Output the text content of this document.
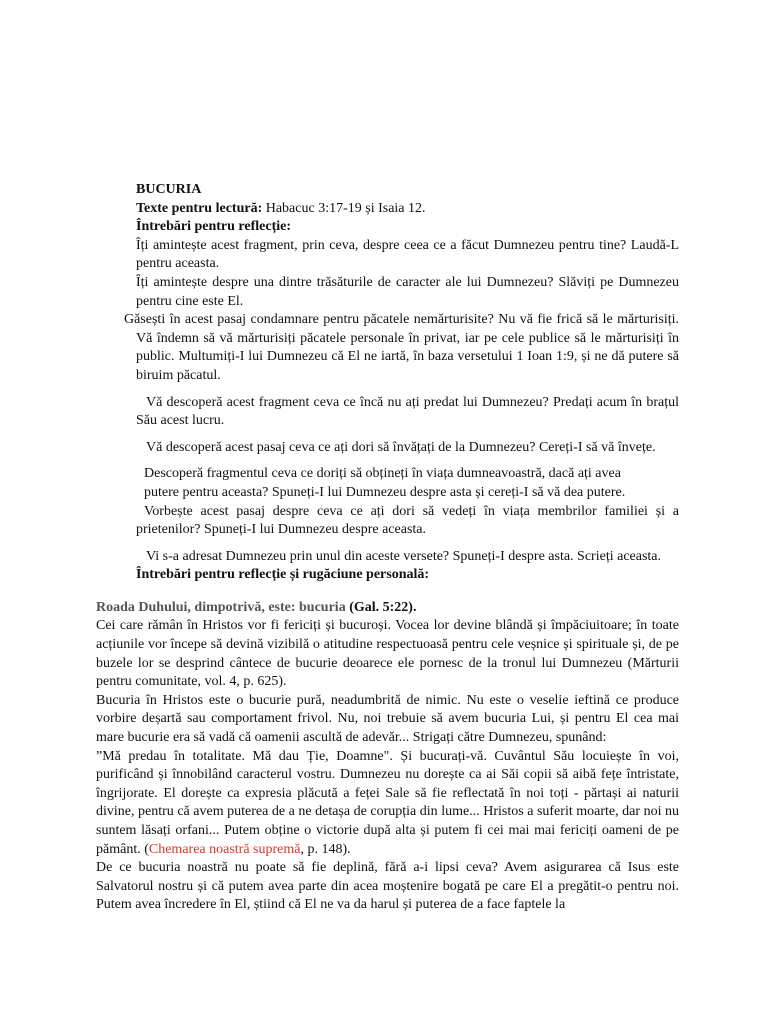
BUCURIA

Texte pentru lectură: Habacuc 3:17-19 și Isaia 12.

Întrebări pentru reflecție:

Îți amintește acest fragment, prin ceva, despre ceea ce a făcut Dumnezeu pentru tine? Laudă-L pentru aceasta.

Îți amintește despre una dintre trăsăturile de caracter ale lui Dumnezeu? Slăviți pe Dumnezeu pentru cine este El.

Găsești în acest pasaj condamnare pentru păcatele nemărturisite? Nu vă fie frică să le mărturisiți. Vă îndemn să vă mărturisiți păcatele personale în privat, iar pe cele publice să le mărturisiți în public. Multumiți-I lui Dumnezeu că El ne iartă, în baza versetului 1 Ioan 1:9, și ne dă putere să biruim păcatul.

Vă descoperă acest fragment ceva ce încă nu ați predat lui Dumnezeu? Predați acum în brațul Său acest lucru.

Vă descoperă acest pasaj ceva ce ați dori să învățați de la Dumnezeu? Cereți-I să vă învețe.

Descoperă fragmentul ceva ce doriți să obțineți în viața dumneavoastră, dacă ați avea

putere pentru aceasta? Spuneți-I lui Dumnezeu despre asta și cereți-I să vă dea putere.

Vorbește acest pasaj despre ceva ce ați dori să vedeți în viața membrilor familiei și a prietenilor? Spuneți-I lui Dumnezeu despre aceasta.

Vi s-a adresat Dumnezeu prin unul din aceste versete? Spuneți-I despre asta. Scrieți aceasta.

Întrebări pentru reflecție și rugăciune personală:

Roada Duhului, dimpotrivă, este: bucuria (Gal. 5:22).

Cei care rămân în Hristos vor fi fericiți și bucuroși. Vocea lor devine blândă și împăciuitoare; în toate acțiunile vor începe să devină vizibilă o atitudine respectuoasă pentru cele veșnice și spirituale și, de pe buzele lor se desprind cântece de bucurie deoarece ele pornesc de la tronul lui Dumnezeu (Mărturii pentru comunitate, vol. 4, p. 625).

Bucuria în Hristos este o bucurie pură, neadumbrită de nimic. Nu este o veselie ieftină ce produce vorbire deșartă sau comportament frivol. Nu, noi trebuie să avem bucuria Lui, și pentru El cea mai mare bucurie era să vadă că oamenii ascultă de adevăr... Strigați către Dumnezeu, spunând:

”Mă predau în totalitate. Mă dau Ție, Doamne". Și bucurați-vă. Cuvântul Său locuiește în voi, purificând și înnobilând caracterul vostru. Dumnezeu nu dorește ca ai Săi copii să aibă fețe întristate, îngrijorate. El dorește ca expresia plăcută a feței Sale să fie reflectată în noi toți - părtași ai naturii divine, pentru că avem puterea de a ne detașa de corupția din lume... Hristos a suferit moarte, dar noi nu suntem lăsați orfani... Putem obține o victorie după alta și putem fi cei mai mai fericiți oameni de pe pământ. (Chemarea noastră supremă, p. 148).

De ce bucuria noastră nu poate să fie deplină, fără a-i lipsi ceva? Avem asigurarea că Isus este Salvatorul nostru și că putem avea parte din acea moștenire bogată pe care El a pregătit-o pentru noi. Putem avea încredere în El, știind că El ne va da harul și puterea de a face faptele la
